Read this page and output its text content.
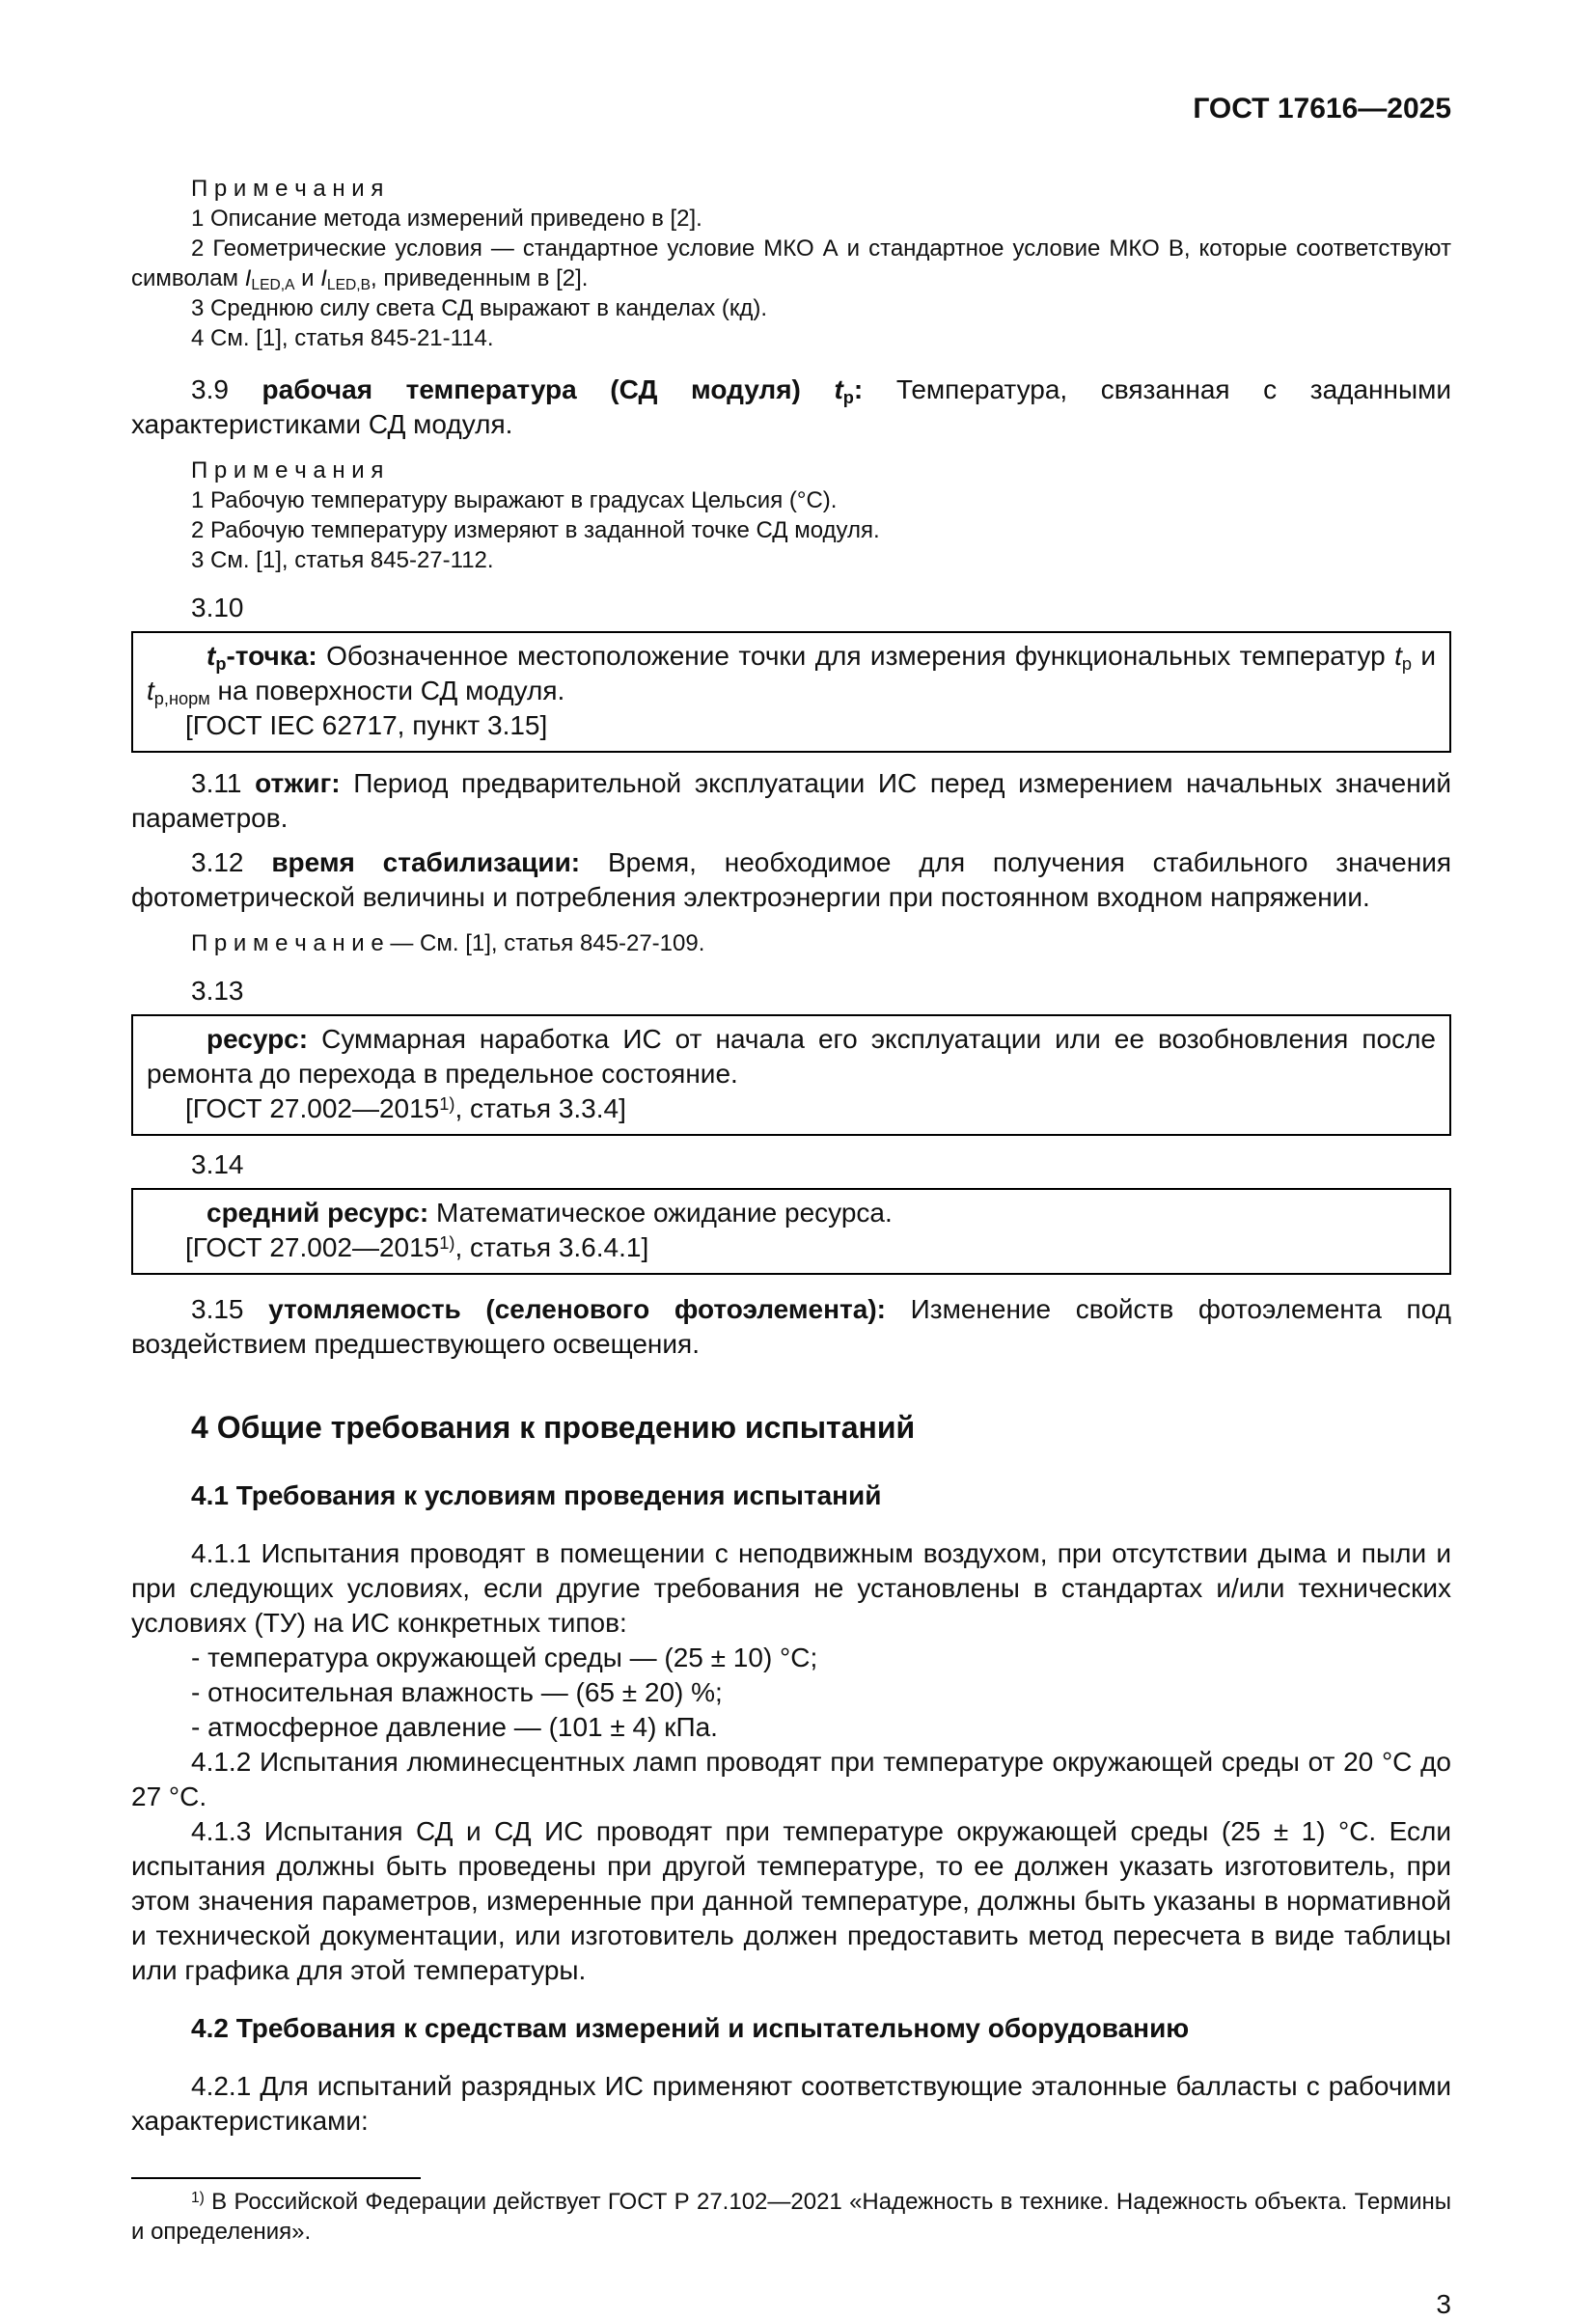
ГОСТ 17616—2025

П р и м е ч а н и я

1 Описание метода измерений приведено в [2].

2 Геометрические условия — стандартное условие МКО А и стандартное условие МКО В, которые соответствуют символам $I_{LED,A}$ и $I_{LED,B}$, приведенным в [2].

3 Среднюю силу света СД выражают в канделах (кд).

4 См. [1], статья 845-21-114.

3.9 рабочая температура (СД модуля) $t_р$: Температура, связанная с заданными характеристиками СД модуля.

П р и м е ч а н и я

1 Рабочую температуру выражают в градусах Цельсия (°С).

2 Рабочую температуру измеряют в заданной точке СД модуля.

3 См. [1], статья 845-27-112.

3.10

$t_р$-точка: Обозначенное местоположение точки для измерения функциональных температур $t_р$ и $t_{р,норм}$ на поверхности СД модуля.

[ГОСТ IEC 62717, пункт 3.15]

3.11 отжиг: Период предварительной эксплуатации ИС перед измерением начальных значений параметров.

3.12 время стабилизации: Время, необходимое для получения стабильного значения фотометрической величины и потребления электроэнергии при постоянном входном напряжении.

П р и м е ч а н и е — См. [1], статья 845-27-109.

3.13

ресурс: Суммарная наработка ИС от начала его эксплуатации или ее возобновления после ремонта до перехода в предельное состояние.

[ГОСТ 27.002—2015$^{1)}$, статья 3.3.4]

3.14

средний ресурс: Математическое ожидание ресурса.

[ГОСТ 27.002—2015$^{1)}$, статья 3.6.4.1]

3.15 утомляемость (селенового фотоэлемента): Изменение свойств фотоэлемента под воздействием предшествующего освещения.

4 Общие требования к проведению испытаний
4.1 Требования к условиям проведения испытаний

4.1.1 Испытания проводят в помещении с неподвижным воздухом, при отсутствии дыма и пыли и при следующих условиях, если другие требования не установлены в стандартах и/или технических условиях (ТУ) на ИС конкретных типов:

- температура окружающей среды — (25 ± 10) °С;

- относительная влажность — (65 ± 20) %;

- атмосферное давление — (101 ± 4) кПа.

4.1.2 Испытания люминесцентных ламп проводят при температуре окружающей среды от 20 °С до 27 °С.

4.1.3 Испытания СД и СД ИС проводят при температуре окружающей среды (25 ± 1) °С. Если испытания должны быть проведены при другой температуре, то ее должен указать изготовитель, при этом значения параметров, измеренные при данной температуре, должны быть указаны в нормативной и технической документации, или изготовитель должен предоставить метод пересчета в виде таблицы или графика для этой температуры.

4.2 Требования к средствам измерений и испытательному оборудованию

4.2.1 Для испытаний разрядных ИС применяют соответствующие эталонные балласты с рабочими характеристиками:

$^{1)}$ В Российской Федерации действует ГОСТ Р 27.102—2021 «Надежность в технике. Надежность объекта. Термины и определения».

3
